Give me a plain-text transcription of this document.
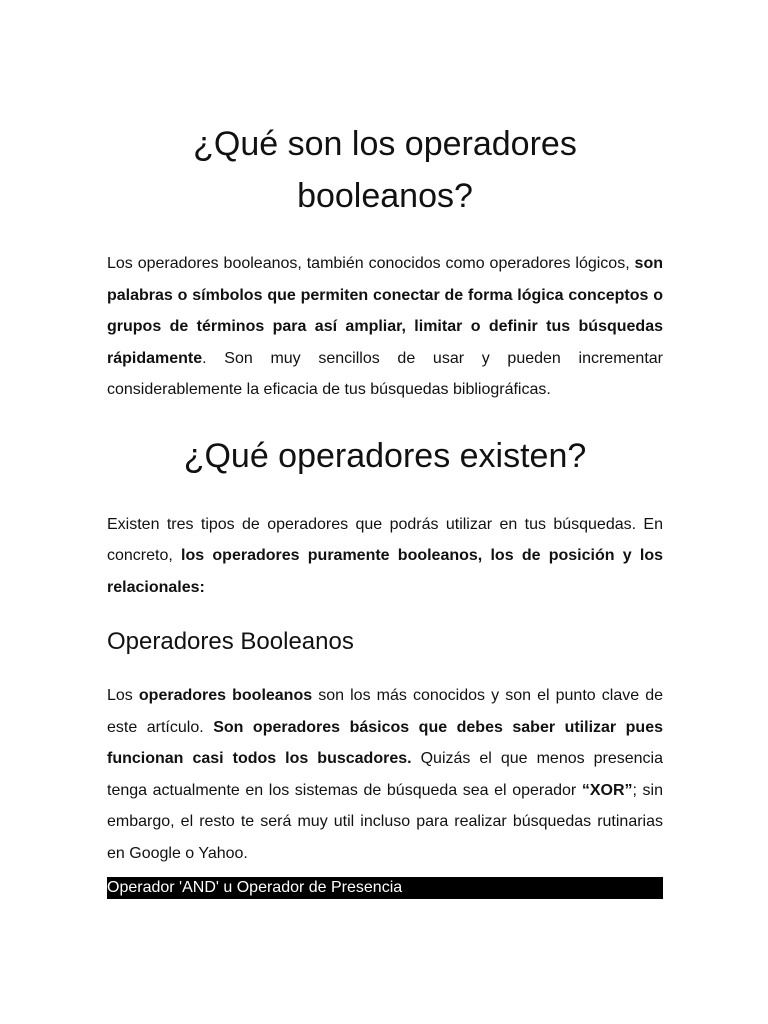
¿Qué son los operadores booleanos?

Los operadores booleanos, también conocidos como operadores lógicos, son palabras o símbolos que permiten conectar de forma lógica conceptos o grupos de términos para así ampliar, limitar o definir tus búsquedas rápidamente. Son muy sencillos de usar y pueden incrementar considerablemente la eficacia de tus búsquedas bibliográficas.

¿Qué operadores existen?

Existen tres tipos de operadores que podrás utilizar en tus búsquedas. En concreto, los operadores puramente booleanos, los de posición y los relacionales:

Operadores Booleanos

Los operadores booleanos son los más conocidos y son el punto clave de este artículo. Son operadores básicos que debes saber utilizar pues funcionan casi todos los buscadores. Quizás el que menos presencia tenga actualmente en los sistemas de búsqueda sea el operador “XOR”; sin embargo, el resto te será muy util incluso para realizar búsquedas rutinarias en Google o Yahoo.

Operador 'AND' u Operador de Presencia
